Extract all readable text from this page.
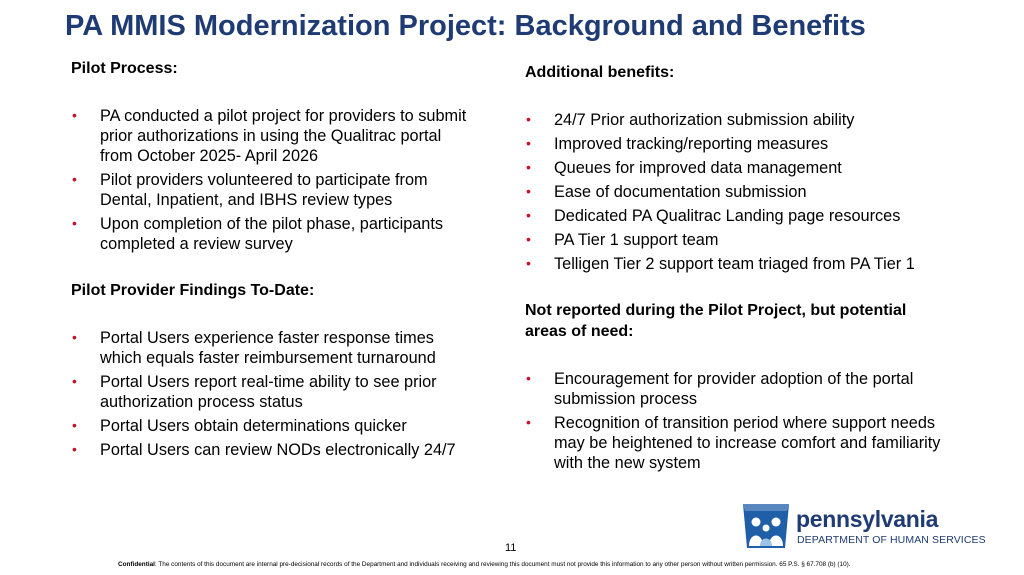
PA MMIS Modernization Project: Background and Benefits

Pilot Process:

• PA conducted a pilot project for providers to submit prior authorizations in using the Qualitrac portal from October 2025- April 2026
• Pilot providers volunteered to participate from Dental, Inpatient, and IBHS review types
• Upon completion of the pilot phase, participants completed a review survey

Pilot Provider Findings To-Date:

• Portal Users experience faster response times which equals faster reimbursement turnaround
• Portal Users report real-time ability to see prior authorization process status
• Portal Users obtain determinations quicker
• Portal Users can review NODs electronically 24/7

Additional benefits:

• 24/7 Prior authorization submission ability
• Improved tracking/reporting measures
• Queues for improved data management
• Ease of documentation submission
• Dedicated PA Qualitrac Landing page resources
• PA Tier 1 support team
• Telligen Tier 2 support team triaged from PA Tier 1

Not reported during the Pilot Project, but potential areas of need:

• Encouragement for provider adoption of the portal submission process
• Recognition of transition period where support needs may be heightened to increase comfort and familiarity with the new system
11
Confidential: The contents of this document are internal pre-decisional records of the Department and individuals receiving and reviewing this document must not provide this information to any other person without written permission. 65 P.S. § 67.708 (b) (10).
pennsylvania
DEPARTMENT OF HUMAN SERVICES
